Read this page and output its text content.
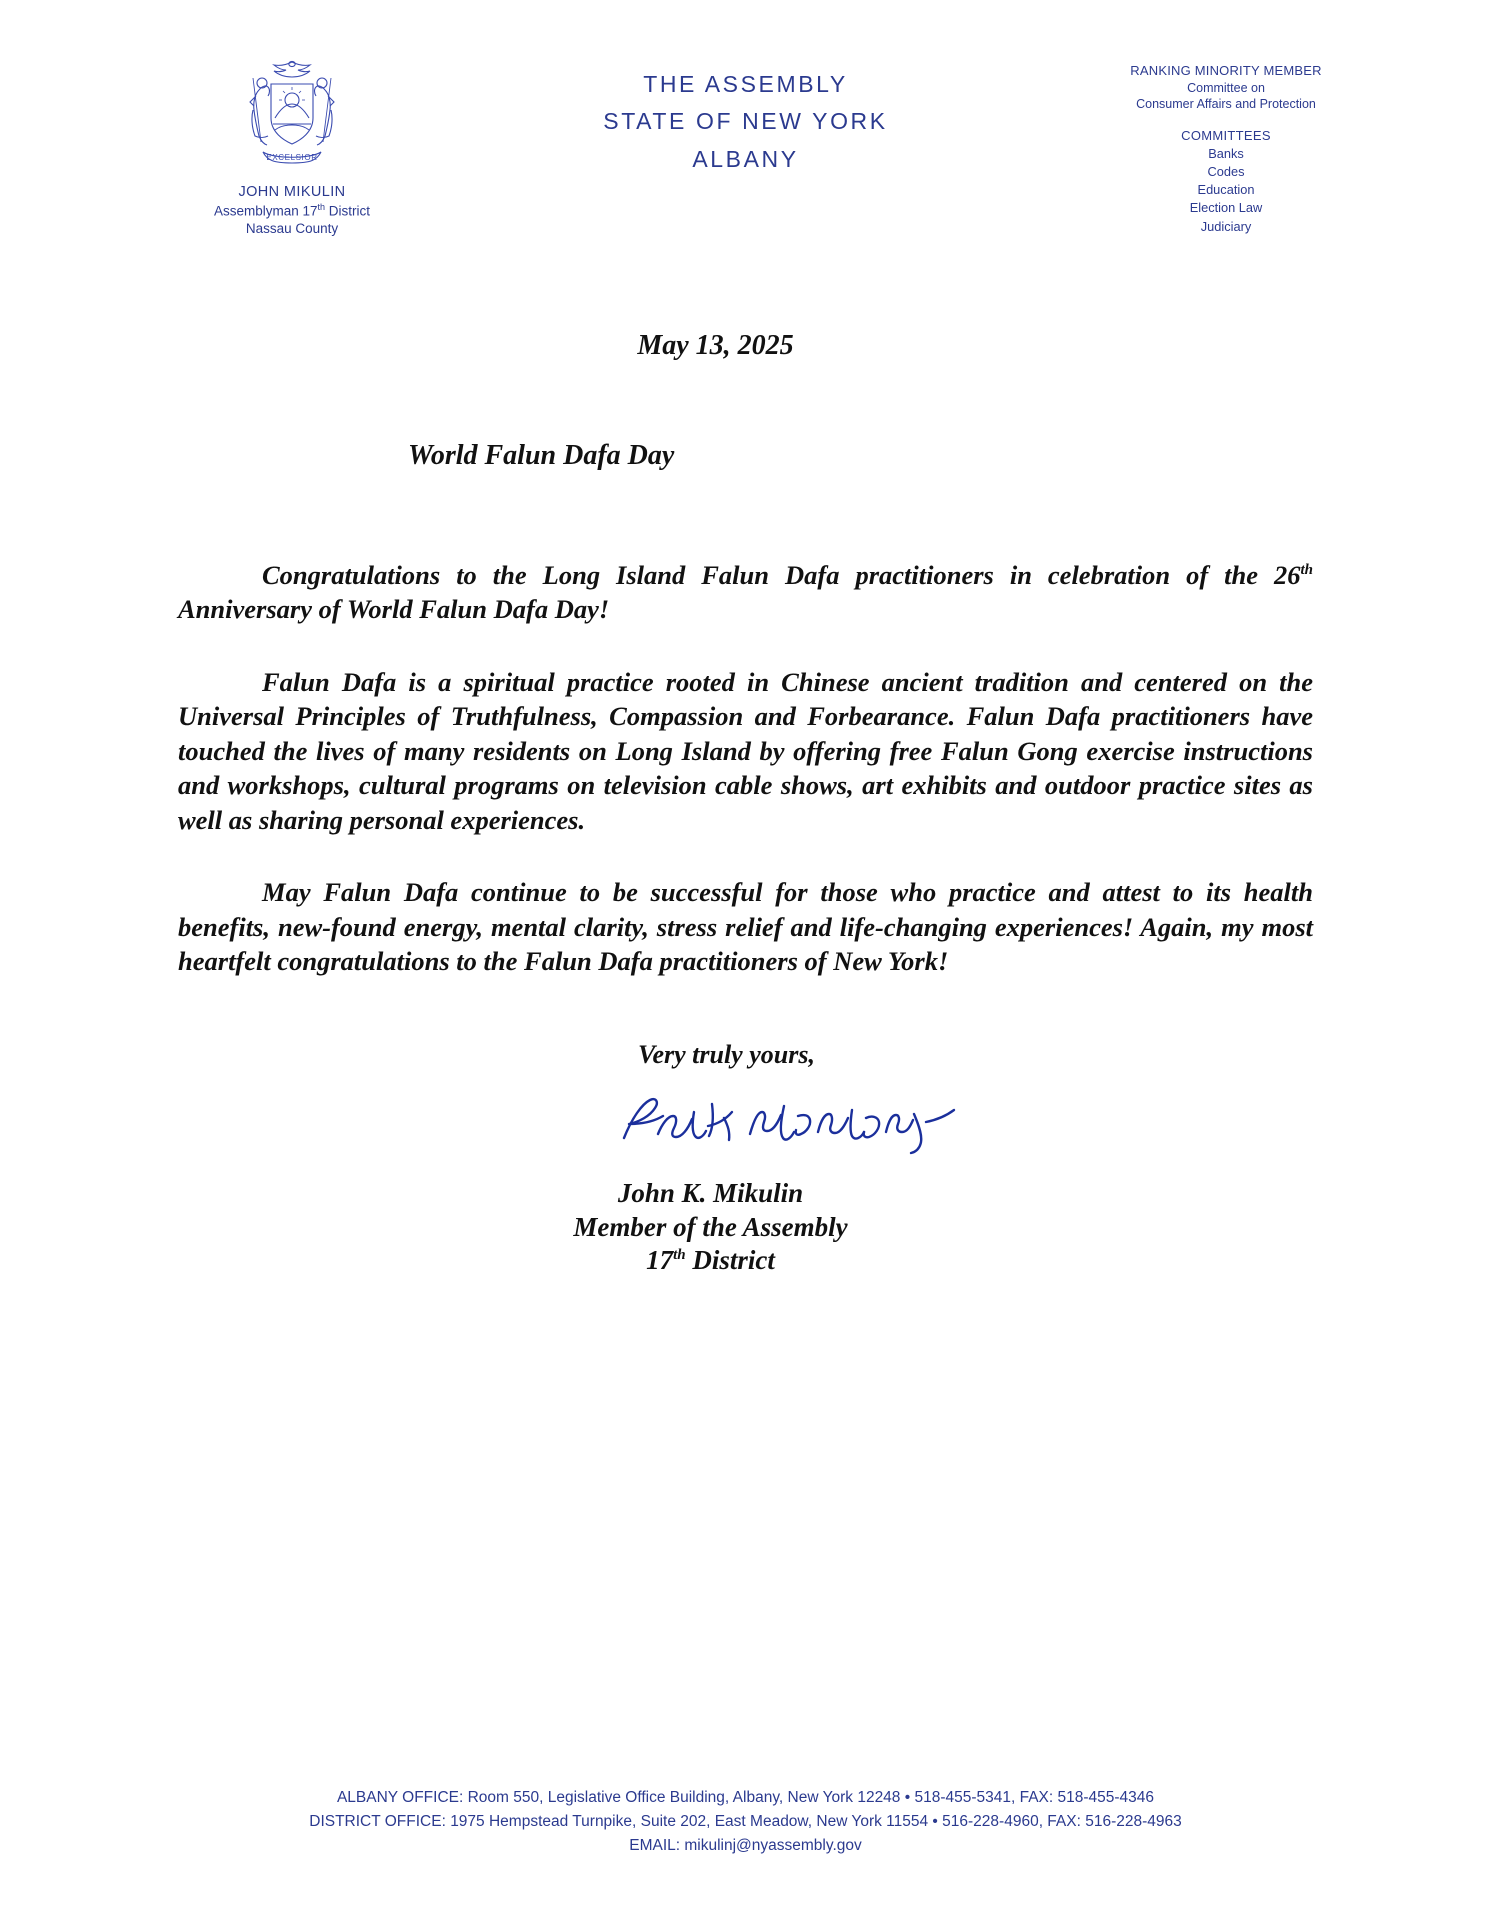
EXCELSIOR
JOHN MIKULIN
Assemblyman 17th District
Nassau County
THE ASSEMBLY
STATE OF NEW YORK
ALBANY
RANKING MINORITY MEMBER
Committee on
Consumer Affairs and Protection
COMMITTEES
Banks
Codes
Education
Election Law
Judiciary
May 13, 2025
World Falun Dafa Day

Congratulations to the Long Island Falun Dafa practitioners in celebration of the 26th Anniversary of World Falun Dafa Day!

Falun Dafa is a spiritual practice rooted in Chinese ancient tradition and centered on the Universal Principles of Truthfulness, Compassion and Forbearance. Falun Dafa practitioners have touched the lives of many residents on Long Island by offering free Falun Gong exercise instructions and workshops, cultural programs on television cable shows, art exhibits and outdoor practice sites as well as sharing personal experiences.

May Falun Dafa continue to be successful for those who practice and attest to its health benefits, new-found energy, mental clarity, stress relief and life-changing experiences! Again, my most heartfelt congratulations to the Falun Dafa practitioners of New York!

Very truly yours,
John K. Mikulin
Member of the Assembly
17th District
ALBANY OFFICE: Room 550, Legislative Office Building, Albany, New York 12248 • 518-455-5341, FAX: 518-455-4346
DISTRICT OFFICE: 1975 Hempstead Turnpike, Suite 202, East Meadow, New York 11554 • 516-228-4960, FAX: 516-228-4963
EMAIL: mikulinj@nyassembly.gov
